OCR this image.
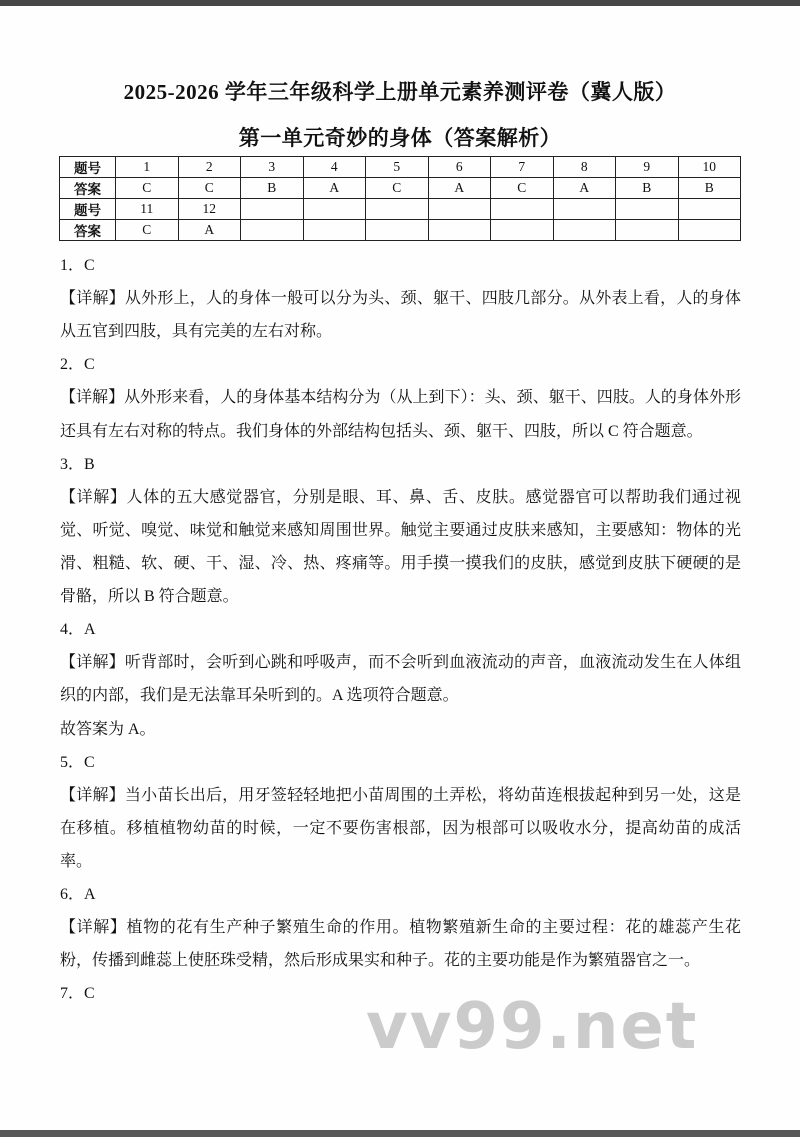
2025-2026 学年三年级科学上册单元素养测评卷（冀人版）
第一单元奇妙的身体（答案解析）
题号	1	2	3	4	5	6	7	8	9	10
答案	C	C	B	A	C	A	C	A	B	B
题号	11	12								
答案	C	A								
1．C

【详解】从外形上，人的身体一般可以分为头、颈、躯干、四肢几部分。从外表上看，人的身体从五官到四肢，具有完美的左右对称。

2．C

【详解】从外形来看，人的身体基本结构分为（从上到下）：头、颈、躯干、四肢。人的身体外形还具有左右对称的特点。我们身体的外部结构包括头、颈、躯干、四肢，所以 C 符合题意。

3．B

【详解】人体的五大感觉器官，分别是眼、耳、鼻、舌、皮肤。感觉器官可以帮助我们通过视觉、听觉、嗅觉、味觉和触觉来感知周围世界。触觉主要通过皮肤来感知，主要感知：物体的光滑、粗糙、软、硬、干、湿、冷、热、疼痛等。用手摸一摸我们的皮肤，感觉到皮肤下硬硬的是骨骼，所以 B 符合题意。

4．A

【详解】听背部时，会听到心跳和呼吸声，而不会听到血液流动的声音，血液流动发生在人体组织的内部，我们是无法靠耳朵听到的。A 选项符合题意。

故答案为 A。

5．C

【详解】当小苗长出后，用牙签轻轻地把小苗周围的土弄松，将幼苗连根拔起种到另一处，这是在移植。移植植物幼苗的时候，一定不要伤害根部，因为根部可以吸收水分，提高幼苗的成活率。

6．A

【详解】植物的花有生产种子繁殖生命的作用。植物繁殖新生命的主要过程：花的雄蕊产生花粉，传播到雌蕊上使胚珠受精，然后形成果实和种子。花的主要功能是作为繁殖器官之一。

7．C	vv99.net
